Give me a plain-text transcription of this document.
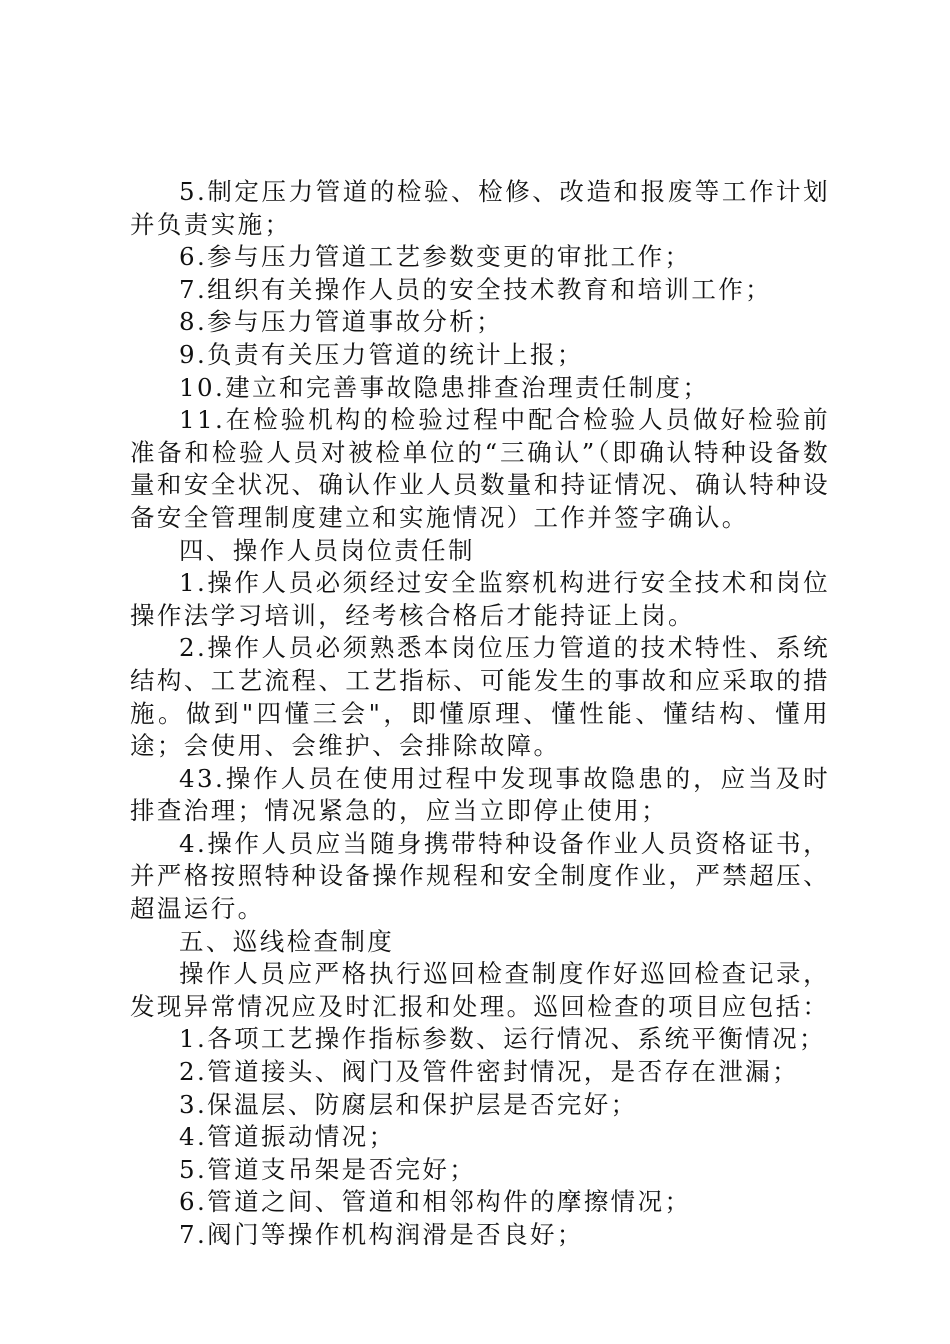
5.制定压力管道的检验、检修、改造和报废等工作计划并负责实施；

6.参与压力管道工艺参数变更的审批工作；

7.组织有关操作人员的安全技术教育和培训工作；

8.参与压力管道事故分析；

9.负责有关压力管道的统计上报；

10.建立和完善事故隐患排查治理责任制度；

11.在检验机构的检验过程中配合检验人员做好检验前准备和检验人员对被检单位的“三确认”（即确认特种设备数量和安全状况、确认作业人员数量和持证情况、确认特种设备安全管理制度建立和实施情况）工作并签字确认。

四、操作人员岗位责任制

1.操作人员必须经过安全监察机构进行安全技术和岗位操作法学习培训，经考核合格后才能持证上岗。

2.操作人员必须熟悉本岗位压力管道的技术特性、系统结构、工艺流程、工艺指标、可能发生的事故和应采取的措施。做到"四懂三会"，即懂原理、懂性能、懂结构、懂用途；会使用、会维护、会排除故障。

43.操作人员在使用过程中发现事故隐患的，应当及时排查治理；情况紧急的，应当立即停止使用；

4.操作人员应当随身携带特种设备作业人员资格证书，并严格按照特种设备操作规程和安全制度作业，严禁超压、超温运行。

五、巡线检查制度

操作人员应严格执行巡回检查制度作好巡回检查记录，发现异常情况应及时汇报和处理。巡回检查的项目应包括：

1.各项工艺操作指标参数、运行情况、系统平衡情况；

2.管道接头、阀门及管件密封情况，是否存在泄漏；

3.保温层、防腐层和保护层是否完好；

4.管道振动情况；

5.管道支吊架是否完好；

6.管道之间、管道和相邻构件的摩擦情况；

7.阀门等操作机构润滑是否良好；
